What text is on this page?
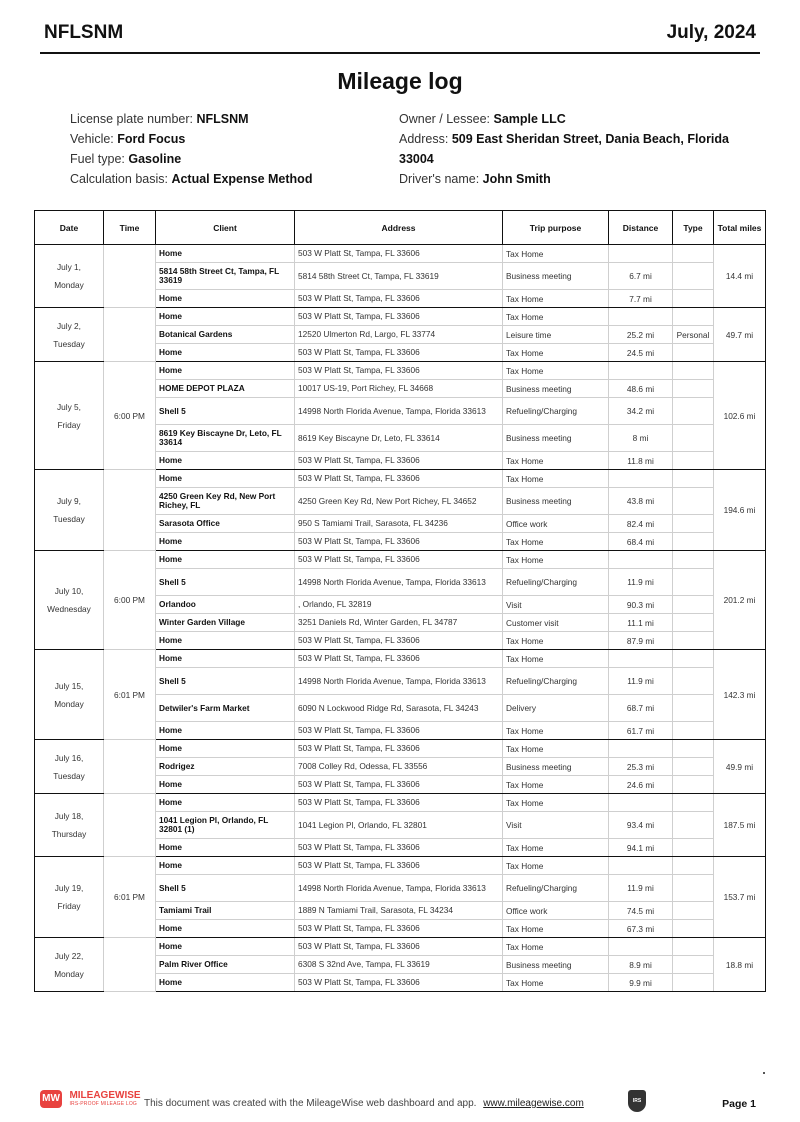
NFLSNM	July, 2024
Mileage log
License plate number: NFLSNM
Vehicle: Ford Focus
Fuel type: Gasoline
Calculation basis: Actual Expense Method
Owner / Lessee: Sample LLC
Address: 509 East Sheridan Street, Dania Beach, Florida 33004
Driver's name: John Smith
Date	Time	Client	Address	Trip purpose	Distance	Type	Total miles

July 1,
Monday		Home	503 W Platt St, Tampa, FL 33606	Tax Home			14.4 mi
		5814 58th Street Ct, Tampa, FL 33619	5814 58th Street Ct, Tampa, FL 33619	Business meeting	6.7 mi		
		Home	503 W Platt St, Tampa, FL 33606	Tax Home	7.7 mi		

July 2,
Tuesday		Home	503 W Platt St, Tampa, FL 33606	Tax Home			49.7 mi
		Botanical Gardens	12520 Ulmerton Rd, Largo, FL 33774	Leisure time	25.2 mi	Personal	
		Home	503 W Platt St, Tampa, FL 33606	Tax Home	24.5 mi		

July 5,
Friday	6:00 PM	Home	503 W Platt St, Tampa, FL 33606	Tax Home			102.6 mi
		HOME DEPOT PLAZA	10017 US-19, Port Richey, FL 34668	Business meeting	48.6 mi		
		Shell 5	14998 North Florida Avenue, Tampa, Florida 33613	Refueling/Charging	34.2 mi		
		8619 Key Biscayne Dr, Leto, FL 33614	8619 Key Biscayne Dr, Leto, FL 33614	Business meeting	8 mi		
		Home	503 W Platt St, Tampa, FL 33606	Tax Home	11.8 mi		

July 9,
Tuesday		Home	503 W Platt St, Tampa, FL 33606	Tax Home			194.6 mi
		4250 Green Key Rd, New Port Richey, FL	4250 Green Key Rd, New Port Richey, FL 34652	Business meeting	43.8 mi		
		Sarasota Office	950 S Tamiami Trail, Sarasota, FL 34236	Office work	82.4 mi		
		Home	503 W Platt St, Tampa, FL 33606	Tax Home	68.4 mi		

July 10,
Wednesday	6:00 PM	Home	503 W Platt St, Tampa, FL 33606	Tax Home			201.2 mi
		Shell 5	14998 North Florida Avenue, Tampa, Florida 33613	Refueling/Charging	11.9 mi		
		Orlandoo	, Orlando, FL 32819	Visit	90.3 mi		
		Winter Garden Village	3251 Daniels Rd, Winter Garden, FL 34787	Customer visit	11.1 mi		
		Home	503 W Platt St, Tampa, FL 33606	Tax Home	87.9 mi		

July 15,
Monday	6:01 PM	Home	503 W Platt St, Tampa, FL 33606	Tax Home			142.3 mi
		Shell 5	14998 North Florida Avenue, Tampa, Florida 33613	Refueling/Charging	11.9 mi		
		Detwiler's Farm Market	6090 N Lockwood Ridge Rd, Sarasota, FL 34243	Delivery	68.7 mi		
		Home	503 W Platt St, Tampa, FL 33606	Tax Home	61.7 mi		

July 16,
Tuesday		Home	503 W Platt St, Tampa, FL 33606	Tax Home			49.9 mi
		Rodrigez	7008 Colley Rd, Odessa, FL 33556	Business meeting	25.3 mi		
		Home	503 W Platt St, Tampa, FL 33606	Tax Home	24.6 mi		

July 18,
Thursday		Home	503 W Platt St, Tampa, FL 33606	Tax Home			187.5 mi
		1041 Legion Pl, Orlando, FL 32801 (1)	1041 Legion Pl, Orlando, FL 32801	Visit	93.4 mi		
		Home	503 W Platt St, Tampa, FL 33606	Tax Home	94.1 mi		

July 19,
Friday	6:01 PM	Home	503 W Platt St, Tampa, FL 33606	Tax Home			153.7 mi
		Shell 5	14998 North Florida Avenue, Tampa, Florida 33613	Refueling/Charging	11.9 mi		
		Tamiami Trail	1889 N Tamiami Trail, Sarasota, FL 34234	Office work	74.5 mi		
		Home	503 W Platt St, Tampa, FL 33606	Tax Home	67.3 mi		

July 22,
Monday		Home	503 W Platt St, Tampa, FL 33606	Tax Home			18.8 mi
		Palm River Office	6308 S 32nd Ave, Tampa, FL 33619	Business meeting	8.9 mi		
		Home	503 W Platt St, Tampa, FL 33606	Tax Home	9.9 mi		
MW MILEAGEWISE
IRS-PROOF MILEAGE LOG This document was created with the MileageWise web dashboard and app. www.mileagewise.com	IRS	Page 1
